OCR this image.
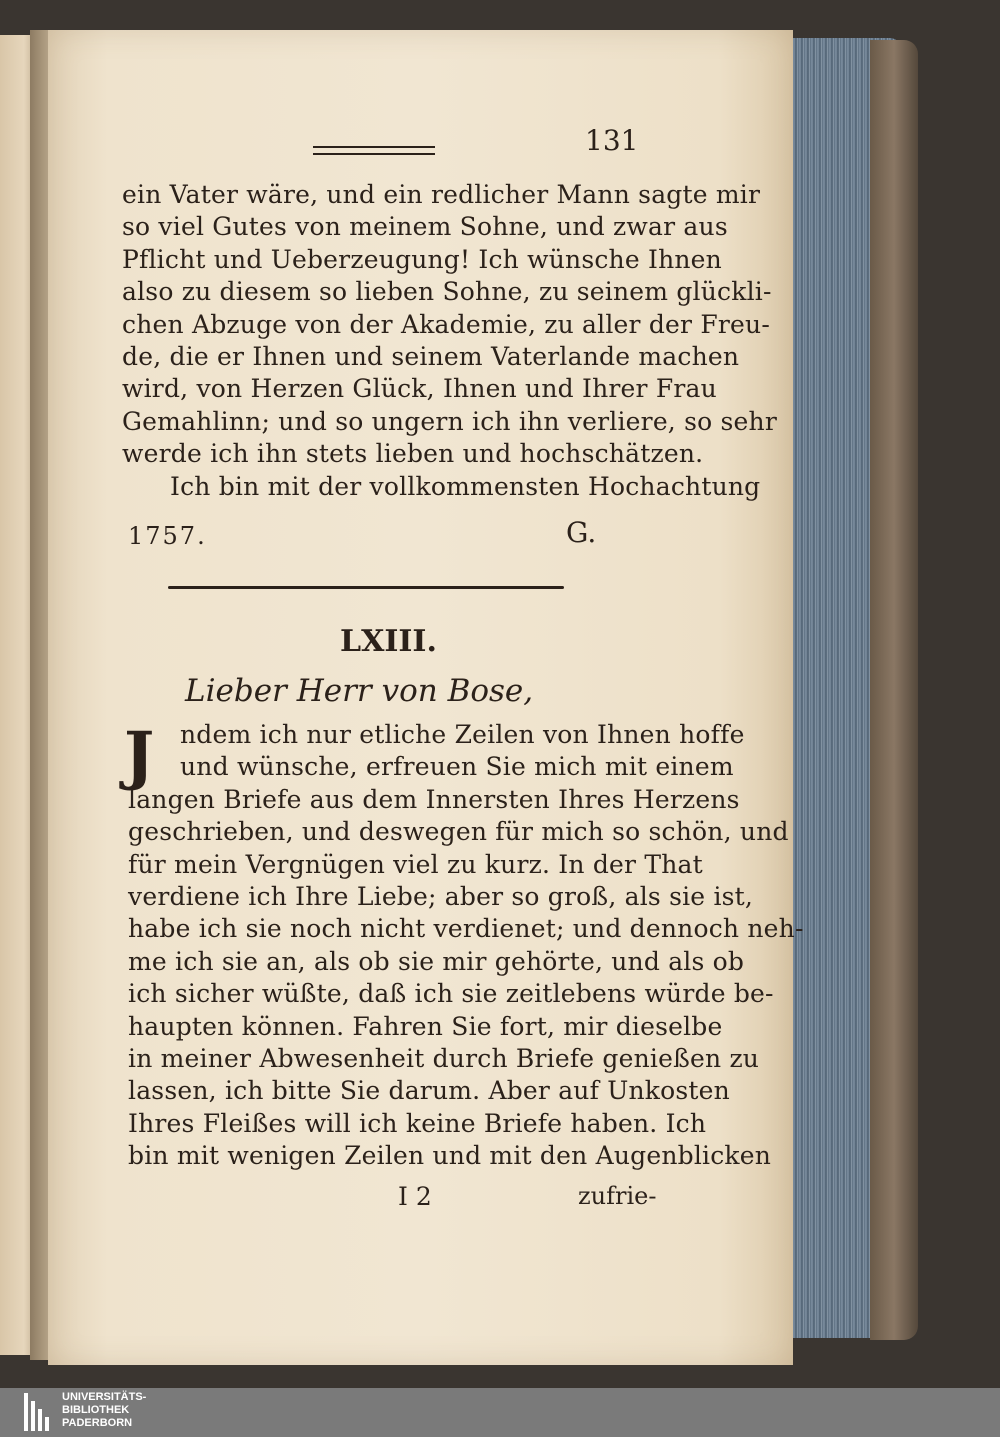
131
ein Vater wäre, und ein redlicher Mann sagte mir
so viel Gutes von meinem Sohne, und zwar aus
Pflicht und Ueberzeugung! Ich wünsche Ihnen
also zu diesem so lieben Sohne, zu seinem glückli-
chen Abzuge von der Akademie, zu aller der Freu-
de, die er Ihnen und seinem Vaterlande machen
wird, von Herzen Glück, Ihnen und Ihrer Frau
Gemahlinn; und so ungern ich ihn verliere, so sehr
werde ich ihn stets lieben und hochschätzen.
Ich bin mit der vollkommensten Hochachtung
1757.	G.
LXIII.
Lieber Herr von Bose,
J ndem ich nur etliche Zeilen von Ihnen hoffe
und wünsche, erfreuen Sie mich mit einem
langen Briefe aus dem Innersten Ihres Herzens
geschrieben, und deswegen für mich so schön, und
für mein Vergnügen viel zu kurz. In der That
verdiene ich Ihre Liebe; aber so groß, als sie ist,
habe ich sie noch nicht verdienet; und dennoch neh-
me ich sie an, als ob sie mir gehörte, und als ob
ich sicher wüßte, daß ich sie zeitlebens würde be-
haupten können. Fahren Sie fort, mir dieselbe
in meiner Abwesenheit durch Briefe genießen zu
lassen, ich bitte Sie darum. Aber auf Unkosten
Ihres Fleißes will ich keine Briefe haben. Ich
bin mit wenigen Zeilen und mit den Augenblicken
I 2	zufrie-
UNIVERSITÄTS-
BIBLIOTHEK
PADERBORN
